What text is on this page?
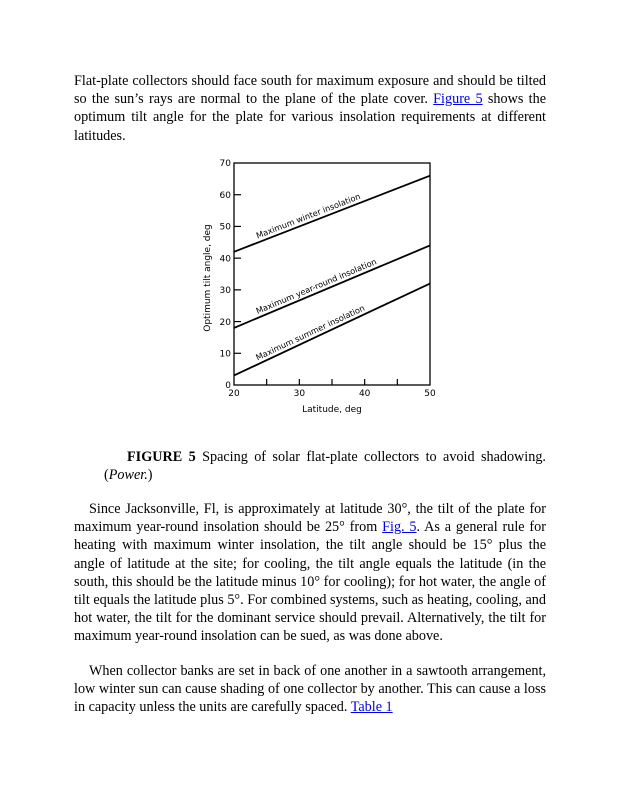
Flat-plate collectors should face south for maximum exposure and should be tilted so the sun’s rays are normal to the plane of the plate cover. Figure 5 shows the optimum tilt angle for the plate for various insolation requirements at different latitudes.

0
10
20
30
40
50
60
70
20	30	40	50
Latitude, deg
Optimum tilt angle, deg
Maximum winter insolation
Maximum year-round insolation
Maximum summer insolation

FIGURE 5 Spacing of solar flat-plate collectors to avoid shadowing. (Power.)

Since Jacksonville, Fl, is approximately at latitude 30°, the tilt of the plate for maximum year-round insolation should be 25° from Fig. 5. As a general rule for heating with maximum winter insolation, the tilt angle should be 15° plus the angle of latitude at the site; for cooling, the tilt angle equals the latitude (in the south, this should be the latitude minus 10° for cooling); for hot water, the angle of tilt equals the latitude plus 5°. For combined systems, such as heating, cooling, and hot water, the tilt for the dominant service should prevail. Alternatively, the tilt for maximum year-round insolation can be sued, as was done above.

When collector banks are set in back of one another in a sawtooth arrangement, low winter sun can cause shading of one collector by another. This can cause a loss in capacity unless the units are carefully spaced. Table 1
